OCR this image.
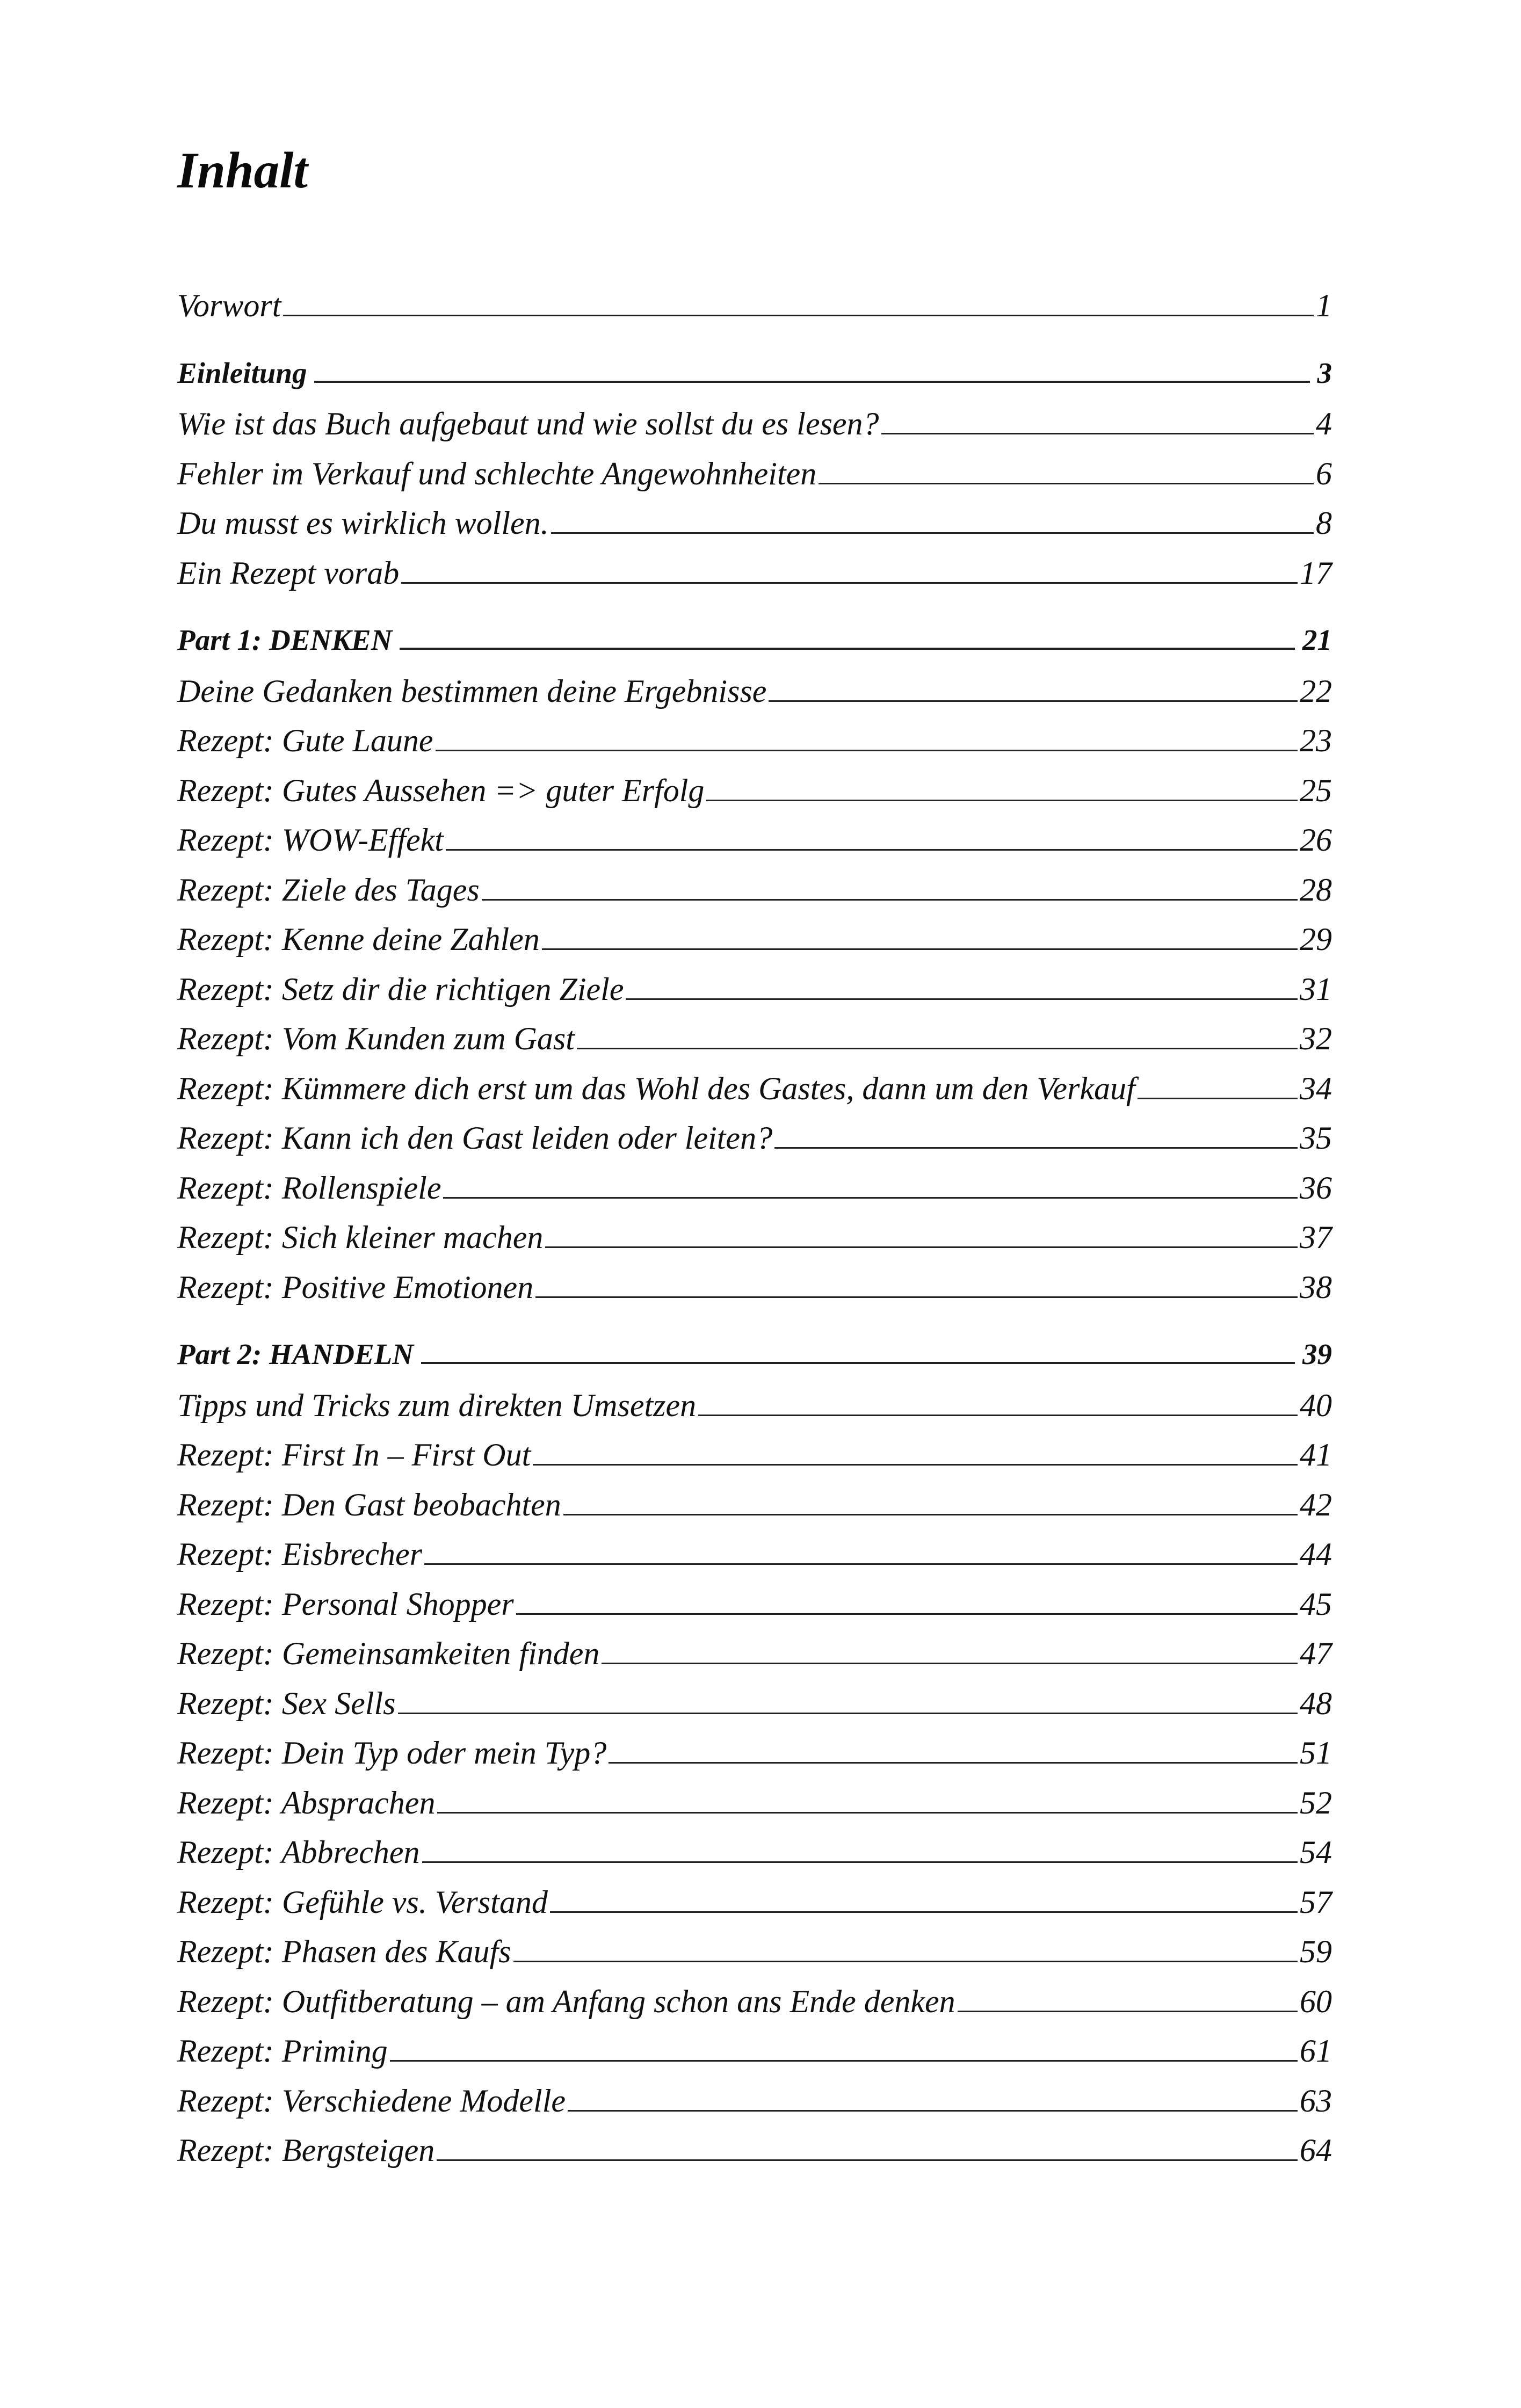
Inhalt
Vorwort	1
Einleitung	3
Wie ist das Buch aufgebaut und wie sollst du es lesen?	4
Fehler im Verkauf und schlechte Angewohnheiten	6
Du musst es wirklich wollen.	8
Ein Rezept vorab	17
Part 1: DENKEN	21
Deine Gedanken bestimmen deine Ergebnisse	22
Rezept: Gute Laune	23
Rezept: Gutes Aussehen => guter Erfolg	25
Rezept: WOW-Effekt	26
Rezept: Ziele des Tages	28
Rezept: Kenne deine Zahlen	29
Rezept: Setz dir die richtigen Ziele	31
Rezept: Vom Kunden zum Gast	32
Rezept: Kümmere dich erst um das Wohl des Gastes, dann um den Verkauf	34
Rezept: Kann ich den Gast leiden oder leiten?	35
Rezept: Rollenspiele	36
Rezept: Sich kleiner machen	37
Rezept: Positive Emotionen	38
Part 2: HANDELN	39
Tipps und Tricks zum direkten Umsetzen	40
Rezept: First In – First Out	41
Rezept: Den Gast beobachten	42
Rezept: Eisbrecher	44
Rezept: Personal Shopper	45
Rezept: Gemeinsamkeiten finden	47
Rezept: Sex Sells	48
Rezept: Dein Typ oder mein Typ?	51
Rezept: Absprachen	52
Rezept: Abbrechen	54
Rezept: Gefühle vs. Verstand	57
Rezept: Phasen des Kaufs	59
Rezept: Outfitberatung – am Anfang schon ans Ende denken	60
Rezept: Priming	61
Rezept: Verschiedene Modelle	63
Rezept: Bergsteigen	64
